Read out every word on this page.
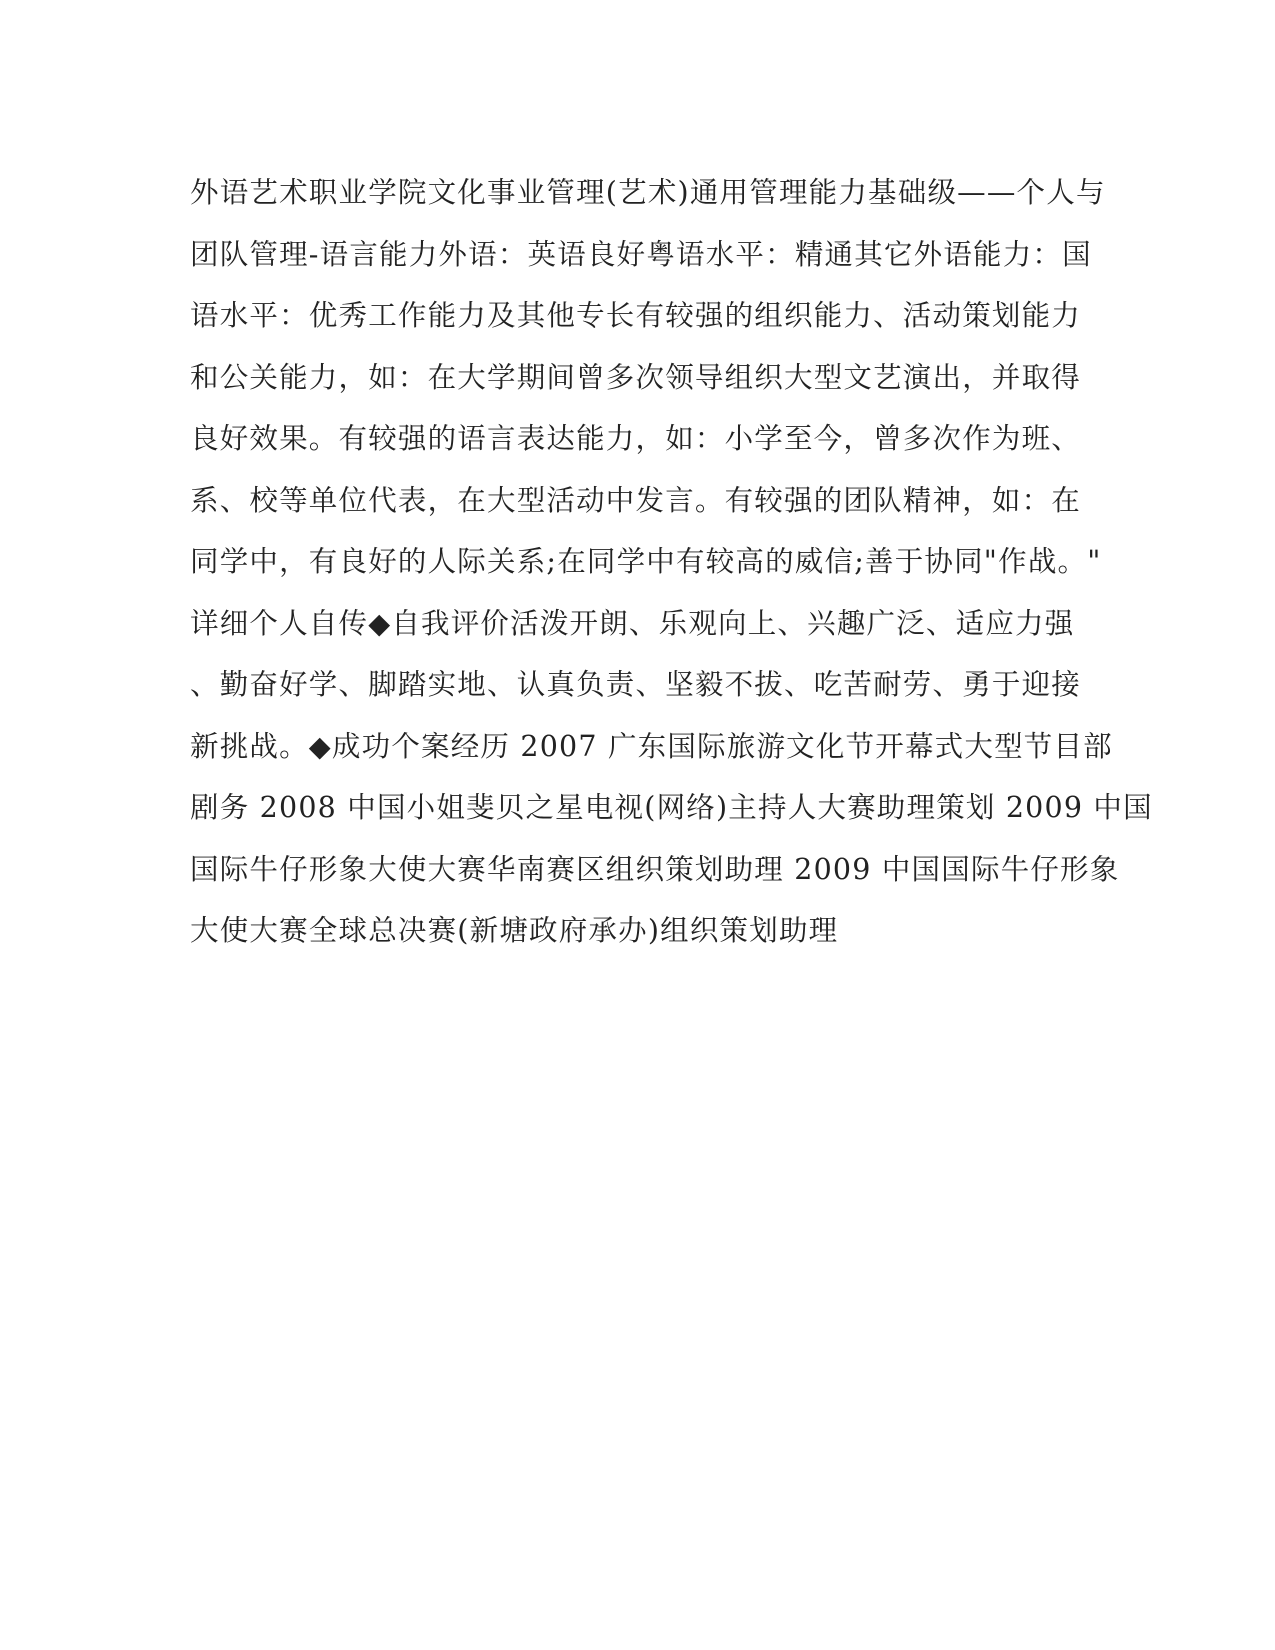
外语艺术职业学院文化事业管理(艺术)通用管理能力基础级——个人与
团队管理-语言能力外语：英语良好粤语水平：精通其它外语能力：国
语水平：优秀工作能力及其他专长有较强的组织能力、活动策划能力
和公关能力，如：在大学期间曾多次领导组织大型文艺演出，并取得
良好效果。有较强的语言表达能力，如：小学至今，曾多次作为班、
系、校等单位代表，在大型活动中发言。有较强的团队精神，如：在
同学中，有良好的人际关系;在同学中有较高的威信;善于协同"作战。"
详细个人自传◆自我评价活泼开朗、乐观向上、兴趣广泛、适应力强
、勤奋好学、脚踏实地、认真负责、坚毅不拔、吃苦耐劳、勇于迎接
新挑战。◆成功个案经历 2007 广东国际旅游文化节开幕式大型节目部
剧务 2008 中国小姐斐贝之星电视(网络)主持人大赛助理策划 2009 中国
国际牛仔形象大使大赛华南赛区组织策划助理 2009 中国国际牛仔形象
大使大赛全球总决赛(新塘政府承办)组织策划助理
